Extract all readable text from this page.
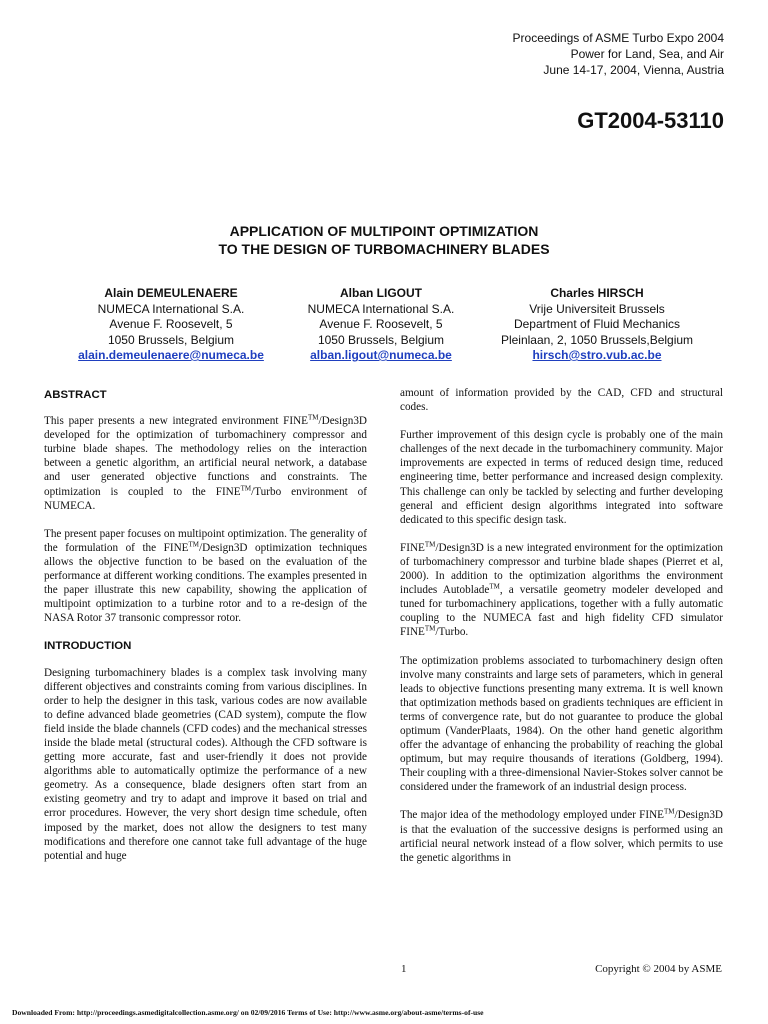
Proceedings of ASME Turbo Expo 2004
Power for Land, Sea, and Air
June 14-17, 2004, Vienna, Austria
GT2004-53110
APPLICATION OF MULTIPOINT OPTIMIZATION
TO THE DESIGN OF TURBOMACHINERY BLADES
Alain DEMEULENAERE
NUMECA International S.A.
Avenue F. Roosevelt, 5
1050 Brussels, Belgium
alain.demeulenaere@numeca.be
Alban LIGOUT
NUMECA International S.A.
Avenue F. Roosevelt, 5
1050 Brussels, Belgium
alban.ligout@numeca.be
Charles HIRSCH
Vrije Universiteit Brussels
Department of Fluid Mechanics
Pleinlaan, 2, 1050 Brussels,Belgium
hirsch@stro.vub.ac.be
ABSTRACT

This paper presents a new integrated environment FINE™/Design3D developed for the optimization of turbomachinery compressor and turbine blade shapes. The methodology relies on the interaction between a genetic algorithm, an artificial neural network, a database and user generated objective functions and constraints. The optimization is coupled to the FINE™/Turbo environment of NUMECA.

The present paper focuses on multipoint optimization. The generality of the formulation of the FINE™/Design3D optimization techniques allows the objective function to be based on the evaluation of the performance at different working conditions. The examples presented in the paper illustrate this new capability, showing the application of multipoint optimization to a turbine rotor and to a re-design of the NASA Rotor 37 transonic compressor rotor.

INTRODUCTION

Designing turbomachinery blades is a complex task involving many different objectives and constraints coming from various disciplines. In order to help the designer in this task, various codes are now available to define advanced blade geometries (CAD system), compute the flow field inside the blade channels (CFD codes) and the mechanical stresses inside the blade metal (structural codes). Although the CFD software is getting more accurate, fast and user-friendly it does not provide algorithms able to automatically optimize the performance of a new geometry. As a consequence, blade designers often start from an existing geometry and try to adapt and improve it based on trial and error procedures. However, the very short design time schedule, often imposed by the market, does not allow the designers to test many modifications and therefore one cannot take full advantage of the huge potential and huge

amount of information provided by the CAD, CFD and structural codes.

Further improvement of this design cycle is probably one of the main challenges of the next decade in the turbomachinery community. Major improvements are expected in terms of reduced design time, reduced engineering time, better performance and increased design complexity. This challenge can only be tackled by selecting and further developing general and efficient design algorithms integrated into software dedicated to this specific design task.

FINE™/Design3D is a new integrated environment for the optimization of turbomachinery compressor and turbine blade shapes (Pierret et al, 2000). In addition to the optimization algorithms the environment includes Autoblade™, a versatile geometry modeler developed and tuned for turbomachinery applications, together with a fully automatic coupling to the NUMECA fast and high fidelity CFD simulator FINE™/Turbo.

The optimization problems associated to turbomachinery design often involve many constraints and large sets of parameters, which in general leads to objective functions presenting many extrema. It is well known that optimization methods based on gradients techniques are efficient in terms of convergence rate, but do not guarantee to produce the global optimum (VanderPlaats, 1984). On the other hand genetic algorithm offer the advantage of enhancing the probability of reaching the global optimum, but may require thousands of iterations (Goldberg, 1994). Their coupling with a three-dimensional Navier-Stokes solver cannot be considered under the framework of an industrial design process.

The major idea of the methodology employed under FINE™/Design3D is that the evaluation of the successive designs is performed using an artificial neural network instead of a flow solver, which permits to use the genetic algorithms in

1	Copyright © 2004 by ASME
Downloaded From: http://proceedings.asmedigitalcollection.asme.org/ on 02/09/2016 Terms of Use: http://www.asme.org/about-asme/terms-of-use
